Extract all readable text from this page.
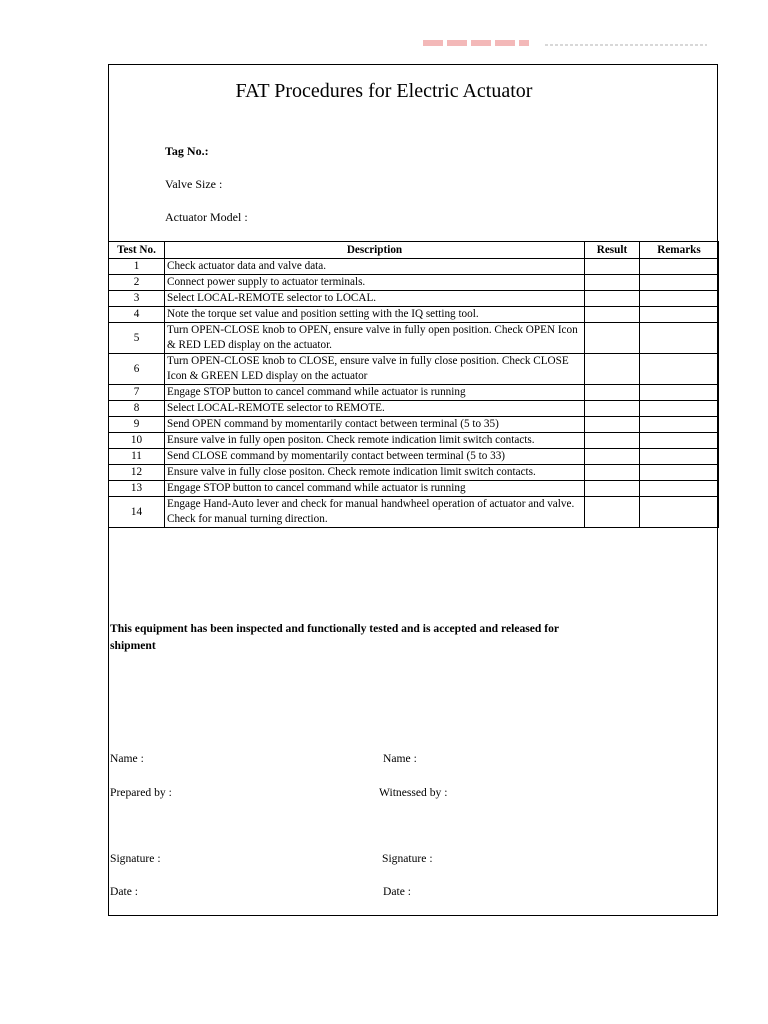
FAT Procedures for Electric Actuator
Tag No.:
Valve Size :
Actuator Model :
Test No.	Description	Result	Remarks
1	Check actuator data and valve data.		
2	Connect power supply to actuator terminals.		
3	Select LOCAL-REMOTE selector to LOCAL.		
4	Note the torque set value and position setting with the IQ setting tool.		
5	Turn OPEN-CLOSE knob to OPEN, ensure valve in fully open position. Check OPEN Icon & RED LED display on the actuator.		
6	Turn OPEN-CLOSE knob to CLOSE, ensure valve in fully close position. Check CLOSE Icon & GREEN LED display on the actuator		
7	Engage STOP button to cancel command while actuator is running		
8	Select LOCAL-REMOTE selector to REMOTE.		
9	Send OPEN command by momentarily contact between terminal (5 to 35)		
10	Ensure valve in fully open positon. Check remote indication limit switch contacts.		
11	Send CLOSE command by momentarily contact between terminal (5 to 33)		
12	Ensure valve in fully close positon. Check remote indication limit switch contacts.		
13	Engage STOP button to cancel command while actuator is running		
14	Engage Hand-Auto lever and check for manual handwheel operation of actuator and valve. Check for manual turning direction.		
This equipment has been inspected and functionally tested and is accepted and released for shipment
Name :	Name :
Prepared by :	Witnessed by :
Signature :	Signature :
Date :	Date :
